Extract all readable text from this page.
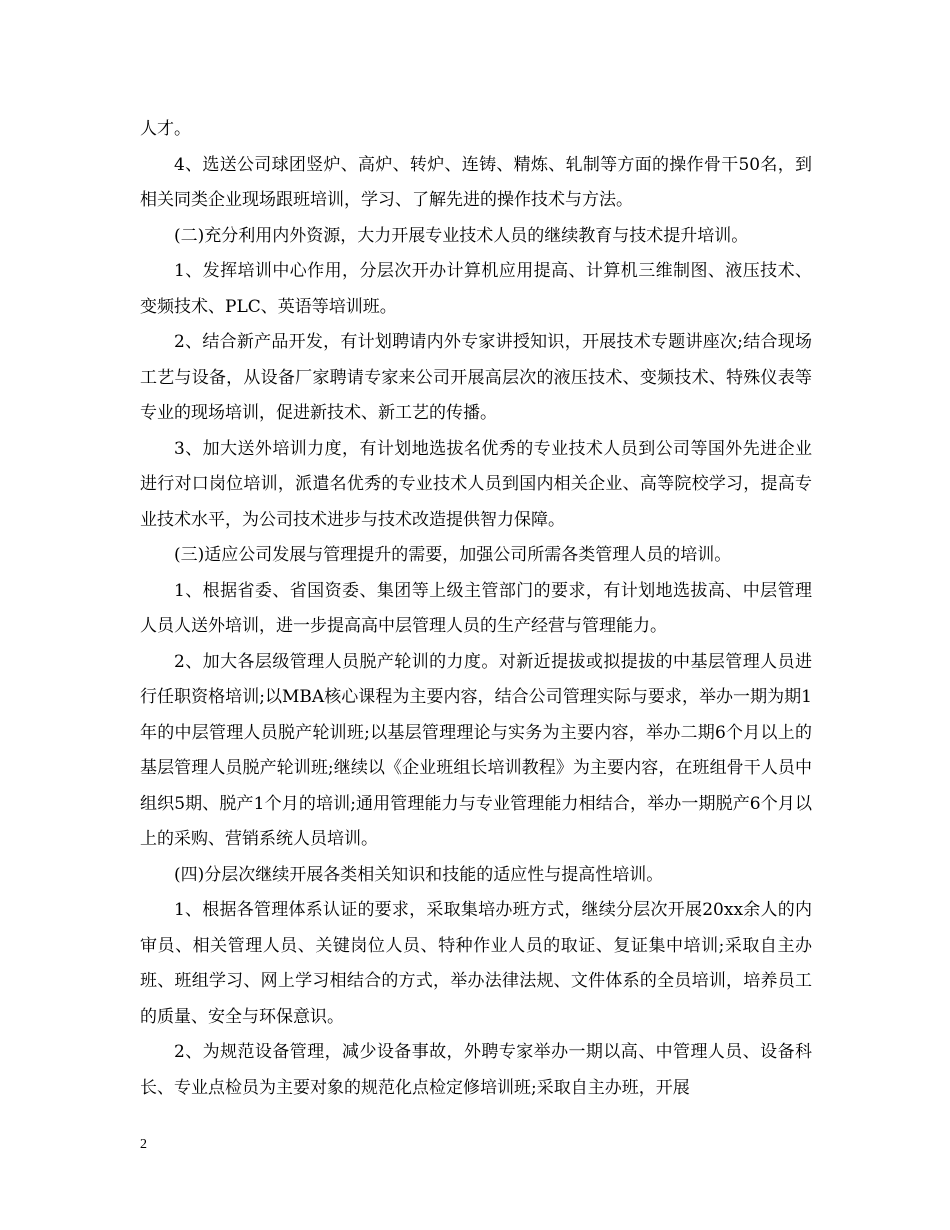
人才。

4、选送公司球团竖炉、高炉、转炉、连铸、精炼、轧制等方面的操作骨干50名，到相关同类企业现场跟班培训，学习、了解先进的操作技术与方法。

(二)充分利用内外资源，大力开展专业技术人员的继续教育与技术提升培训。

1、发挥培训中心作用，分层次开办计算机应用提高、计算机三维制图、液压技术、变频技术、PLC、英语等培训班。

2、结合新产品开发，有计划聘请内外专家讲授知识，开展技术专题讲座次;结合现场工艺与设备，从设备厂家聘请专家来公司开展高层次的液压技术、变频技术、特殊仪表等专业的现场培训，促进新技术、新工艺的传播。

3、加大送外培训力度，有计划地选拔名优秀的专业技术人员到公司等国外先进企业进行对口岗位培训，派遣名优秀的专业技术人员到国内相关企业、高等院校学习，提高专业技术水平，为公司技术进步与技术改造提供智力保障。

(三)适应公司发展与管理提升的需要，加强公司所需各类管理人员的培训。

1、根据省委、省国资委、集团等上级主管部门的要求，有计划地选拔高、中层管理人员人送外培训，进一步提高高中层管理人员的生产经营与管理能力。

2、加大各层级管理人员脱产轮训的力度。对新近提拔或拟提拔的中基层管理人员进行任职资格培训;以MBA核心课程为主要内容，结合公司管理实际与要求，举办一期为期1年的中层管理人员脱产轮训班;以基层管理理论与实务为主要内容，举办二期6个月以上的基层管理人员脱产轮训班;继续以《企业班组长培训教程》为主要内容，在班组骨干人员中组织5期、脱产1个月的培训;通用管理能力与专业管理能力相结合，举办一期脱产6个月以上的采购、营销系统人员培训。

(四)分层次继续开展各类相关知识和技能的适应性与提高性培训。

1、根据各管理体系认证的要求，采取集培办班方式，继续分层次开展20xx余人的内审员、相关管理人员、关键岗位人员、特种作业人员的取证、复证集中培训;采取自主办班、班组学习、网上学习相结合的方式，举办法律法规、文件体系的全员培训，培养员工的质量、安全与环保意识。

2、为规范设备管理，减少设备事故，外聘专家举办一期以高、中管理人员、设备科长、专业点检员为主要对象的规范化点检定修培训班;采取自主办班，开展

2
